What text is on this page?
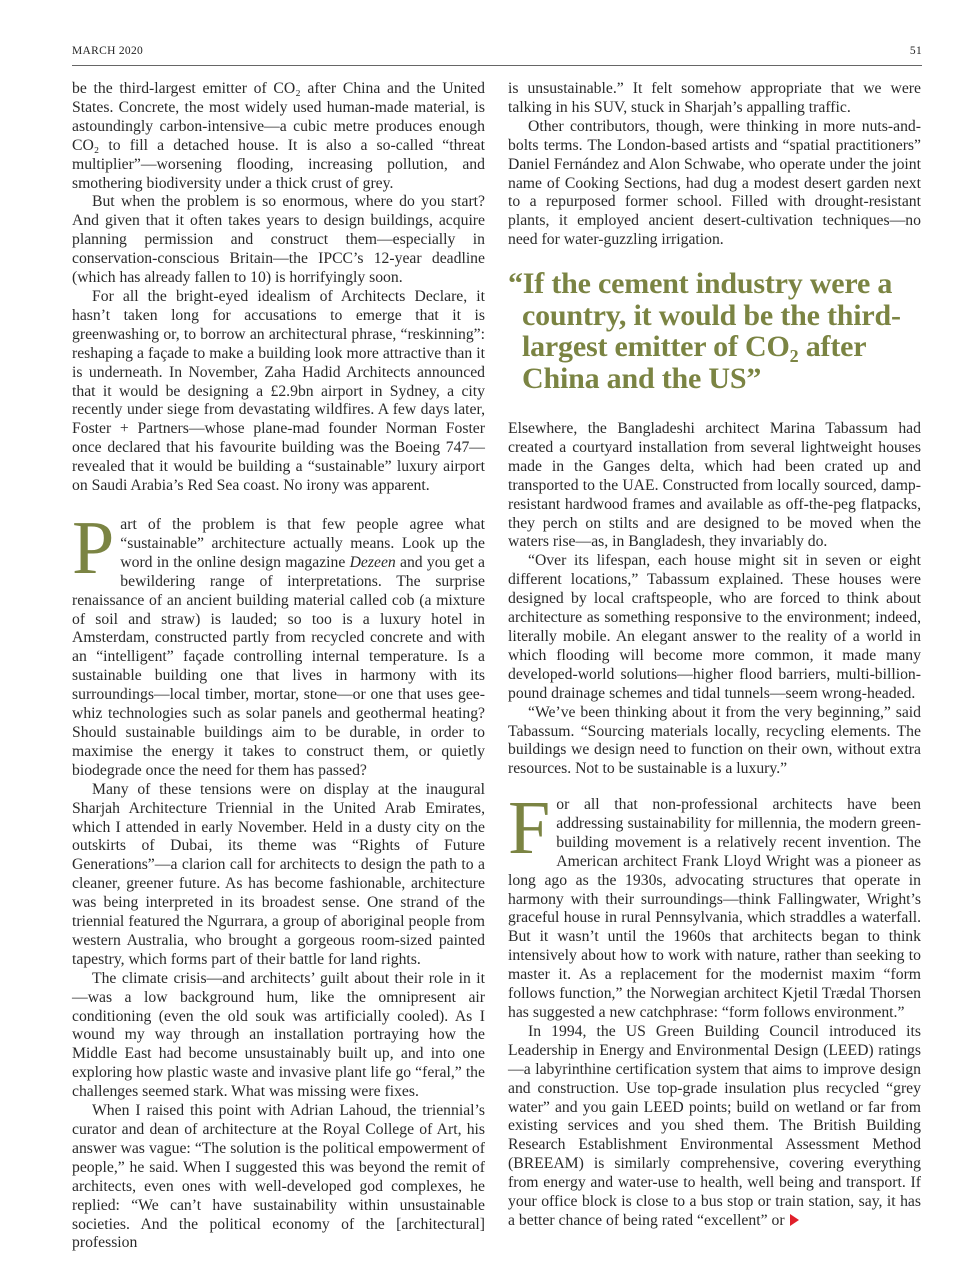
MARCH 2020	51

be the third-largest emitter of CO₂ after China and the United States. Concrete, the most widely used human-made material, is astoundingly carbon-intensive—a cubic metre produces enough CO₂ to fill a detached house. It is also a so-called “threat multiplier”—worsening flooding, increasing pollution, and smothering biodiversity under a thick crust of grey.

But when the problem is so enormous, where do you start? And given that it often takes years to design buildings, acquire planning permission and construct them—especially in conservation-conscious Britain—the IPCC’s 12-year deadline (which has already fallen to 10) is horrifyingly soon.

For all the bright-eyed idealism of Architects Declare, it hasn’t taken long for accusations to emerge that it is greenwashing or, to borrow an architectural phrase, “reskinning”: reshaping a façade to make a building look more attractive than it is underneath. In November, Zaha Hadid Architects announced that it would be designing a £2.9bn airport in Sydney, a city recently under siege from devastating wildfires. A few days later, Foster + Partners—whose plane-mad founder Norman Foster once declared that his favourite building was the Boeing 747—revealed that it would be building a “sustainable” luxury airport on Saudi Arabia’s Red Sea coast. No irony was apparent.

Part of the problem is that few people agree what “sustainable” architecture actually means. Look up the word in the online design magazine Dezeen and you get a bewildering range of interpretations. The surprise renaissance of an ancient building material called cob (a mixture of soil and straw) is lauded; so too is a luxury hotel in Amsterdam, constructed partly from recycled concrete and with an “intelligent” façade controlling internal temperature. Is a sustainable building one that lives in harmony with its surroundings—local timber, mortar, stone—or one that uses gee-whiz technologies such as solar panels and geothermal heating? Should sustainable buildings aim to be durable, in order to maximise the energy it takes to construct them, or quietly biodegrade once the need for them has passed?

Many of these tensions were on display at the inaugural Sharjah Architecture Triennial in the United Arab Emirates, which I attended in early November. Held in a dusty city on the outskirts of Dubai, its theme was “Rights of Future Generations”—a clarion call for architects to design the path to a cleaner, greener future. As has become fashionable, architecture was being interpreted in its broadest sense. One strand of the triennial featured the Ngurrara, a group of aboriginal people from western Australia, who brought a gorgeous room-sized painted tapestry, which forms part of their battle for land rights.

The climate crisis—and architects’ guilt about their role in it—was a low background hum, like the omnipresent air conditioning (even the old souk was artificially cooled). As I wound my way through an installation portraying how the Middle East had become unsustainably built up, and into one exploring how plastic waste and invasive plant life go “feral,” the challenges seemed stark. What was missing were fixes.

When I raised this point with Adrian Lahoud, the triennial’s curator and dean of architecture at the Royal College of Art, his answer was vague: “The solution is the political empowerment of people,” he said. When I suggested this was beyond the remit of architects, even ones with well-developed god complexes, he replied: “We can’t have sustainability within unsustainable societies. And the political economy of the [architectural] profession

is unsustainable.” It felt somehow appropriate that we were talking in his SUV, stuck in Sharjah’s appalling traffic.

Other contributors, though, were thinking in more nuts-and-bolts terms. The London-based artists and “spatial practitioners” Daniel Fernández and Alon Schwabe, who operate under the joint name of Cooking Sections, had dug a modest desert garden next to a repurposed former school. Filled with drought-resistant plants, it employed ancient desert-cultivation techniques—no need for water-guzzling irrigation.

“If the cement industry were a country, it would be the third-largest emitter of CO₂ after China and the US”

Elsewhere, the Bangladeshi architect Marina Tabassum had created a courtyard installation from several lightweight houses made in the Ganges delta, which had been crated up and transported to the UAE. Constructed from locally sourced, damp-resistant hardwood frames and available as off-the-peg flatpacks, they perch on stilts and are designed to be moved when the waters rise—as, in Bangladesh, they invariably do.

“Over its lifespan, each house might sit in seven or eight different locations,” Tabassum explained. These houses were designed by local craftspeople, who are forced to think about architecture as something responsive to the environment; indeed, literally mobile. An elegant answer to the reality of a world in which flooding will become more common, it made many developed-world solutions—higher flood barriers, multi-billion-pound drainage schemes and tidal tunnels—seem wrong-headed.

“We’ve been thinking about it from the very beginning,” said Tabassum. “Sourcing materials locally, recycling elements. The buildings we design need to function on their own, without extra resources. Not to be sustainable is a luxury.”

For all that non-professional architects have been addressing sustainability for millennia, the modern green-building movement is a relatively recent invention. The American architect Frank Lloyd Wright was a pioneer as long ago as the 1930s, advocating structures that operate in harmony with their surroundings—think Fallingwater, Wright’s graceful house in rural Pennsylvania, which straddles a waterfall. But it wasn’t until the 1960s that architects began to think intensively about how to work with nature, rather than seeking to master it. As a replacement for the modernist maxim “form follows function,” the Norwegian architect Kjetil Trædal Thorsen has suggested a new catchphrase: “form follows environment.”

In 1994, the US Green Building Council introduced its Leadership in Energy and Environmental Design (LEED) ratings—a labyrinthine certification system that aims to improve design and construction. Use top-grade insulation plus recycled “grey water” and you gain LEED points; build on wetland or far from existing services and you shed them. The British Building Research Establishment Environmental Assessment Method (BREEAM) is similarly comprehensive, covering everything from energy and water-use to health, well being and transport. If your office block is close to a bus stop or train station, say, it has a better chance of being rated “excellent” or
